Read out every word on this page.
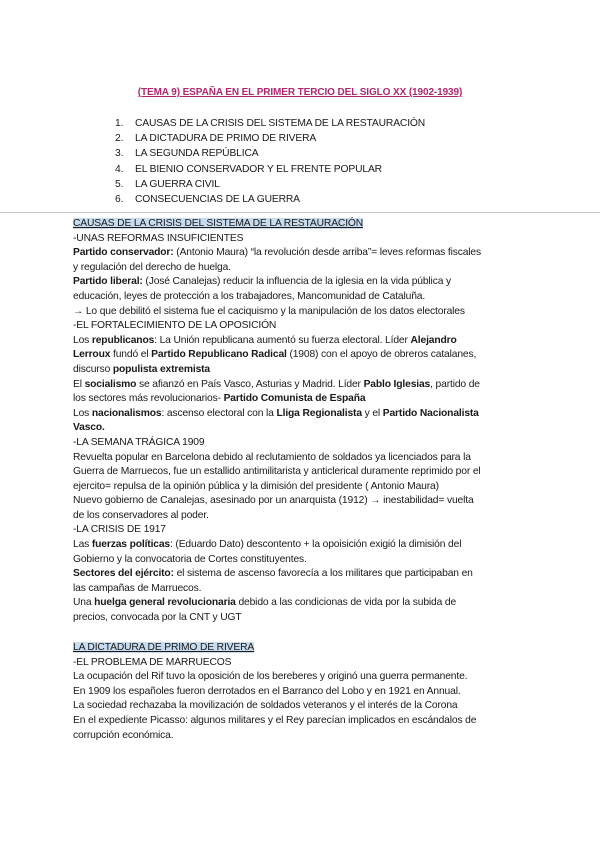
(TEMA 9) ESPAÑA EN EL PRIMER TERCIO DEL SIGLO XX (1902-1939)
1. CAUSAS DE LA CRISIS DEL SISTEMA DE LA RESTAURACIÓN
2. LA DICTADURA DE PRIMO DE RIVERA
3. LA SEGUNDA REPÚBLICA
4. EL BIENIO CONSERVADOR Y EL FRENTE POPULAR
5. LA GUERRA CIVIL
6. CONSECUENCIAS DE LA GUERRA
CAUSAS DE LA CRISIS DEL SISTEMA DE LA RESTAURACIÓN
-UNAS REFORMAS INSUFICIENTES
Partido conservador: (Antonio Maura) “la revolución desde arriba”= leves reformas fiscales
y regulación del derecho de huelga.
Partido liberal: (José Canalejas) reducir la influencia de la iglesia en la vida pública y
educación, leyes de protección a los trabajadores, Mancomunidad de Cataluña.
→ Lo que debilitó el sistema fue el caciquismo y la manipulación de los datos electorales
-EL FORTALECIMIENTO DE LA OPOSICIÓN
Los republicanos: La Unión republicana aumentó su fuerza electoral. Líder Alejandro
Lerroux fundó el Partido Republicano Radical (1908) con el apoyo de obreros catalanes,
discurso populista extremista
El socialismo se afianzó en País Vasco, Asturias y Madrid. Líder Pablo Iglesias, partido de
los sectores más revolucionarios- Partido Comunista de España
Los nacionalismos: ascenso electoral con la Lliga Regionalista y el Partido Nacionalista
Vasco.
-LA SEMANA TRÁGICA 1909
Revuelta popular en Barcelona debido al reclutamiento de soldados ya licenciados para la
Guerra de Marruecos, fue un estallido antimilitarista y anticlerical duramente reprimido por el
ejercito= repulsa de la opinión pública y la dimisión del presidente ( Antonio Maura)
Nuevo gobierno de Canalejas, asesinado por un anarquista (1912) → inestabilidad= vuelta
de los conservadores al poder.
-LA CRISIS DE 1917
Las fuerzas políticas: (Eduardo Dato) descontento + la opoisición exigió la dimisión del
Gobierno y la convocatoria de Cortes constituyentes.
Sectores del ejército: el sistema de ascenso favorecía a los militares que participaban en
las campañas de Marruecos.
Una huelga general revolucionaria debido a las condicionas de vida por la subida de
precios, convocada por la CNT y UGT
LA DICTADURA DE PRIMO DE RIVERA
-EL PROBLEMA DE MARRUECOS
La ocupación del Rif tuvo la oposición de los bereberes y originó una guerra permanente.
En 1909 los españoles fueron derrotados en el Barranco del Lobo y en 1921 en Annual.
La sociedad rechazaba la movilización de soldados veteranos y el interés de la Corona
En el expediente Picasso: algunos militares y el Rey parecían implicados en escándalos de
corrupción económica.
